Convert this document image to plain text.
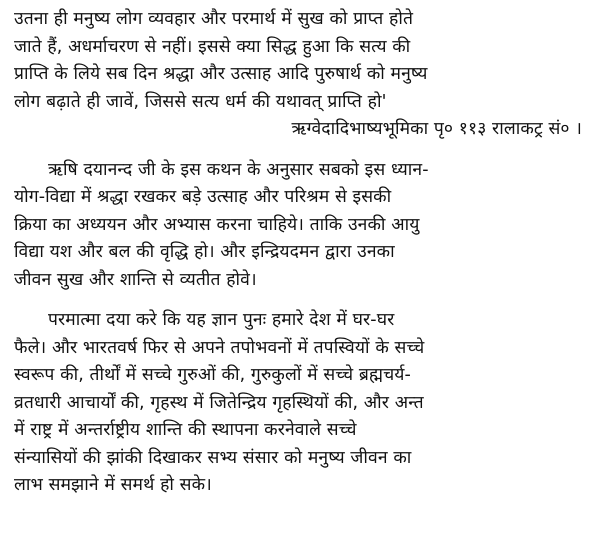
उतना ही मनुष्य लोग व्यवहार और परमार्थ में सुख को प्राप्त होते
जाते हैं, अधर्माचरण से नहीं। इससे क्या सिद्ध हुआ कि सत्य की
प्राप्ति के लिये सब दिन श्रद्धा और उत्साह आदि पुरुषार्थ को मनुष्य
लोग बढ़ाते ही जावें, जिससे सत्य धर्म की यथावत् प्राप्ति हो'
ऋग्वेदादिभाष्यभूमिका पृ० ११३ रालाकट्र सं० ।

ऋषि दयानन्द जी के इस कथन के अनुसार सबको इस ध्यान-
योग-विद्या में श्रद्धा रखकर बड़े उत्साह और परिश्रम से इसकी
क्रिया का अध्ययन और अभ्यास करना चाहिये। ताकि उनकी आयु
विद्या यश और बल की वृद्धि हो। और इन्द्रियदमन द्वारा उनका
जीवन सुख और शान्ति से व्यतीत होवे।

परमात्मा दया करे कि यह ज्ञान पुनः हमारे देश में घर-घर
फैले। और भारतवर्ष फिर से अपने तपोभवनों में तपस्वियों के सच्चे
स्वरूप की, तीर्थों में सच्चे गुरुओं की, गुरुकुलों में सच्चे ब्रह्मचर्य-
व्रतधारी आचार्यों की, गृहस्थ में जितेन्द्रिय गृहस्थियों की, और अन्त
में राष्ट्र में अन्तर्राष्ट्रीय शान्ति की स्थापना करनेवाले सच्चे
संन्यासियों की झांकी दिखाकर सभ्य संसार को मनुष्य जीवन का
लाभ समझाने में समर्थ हो सके।
